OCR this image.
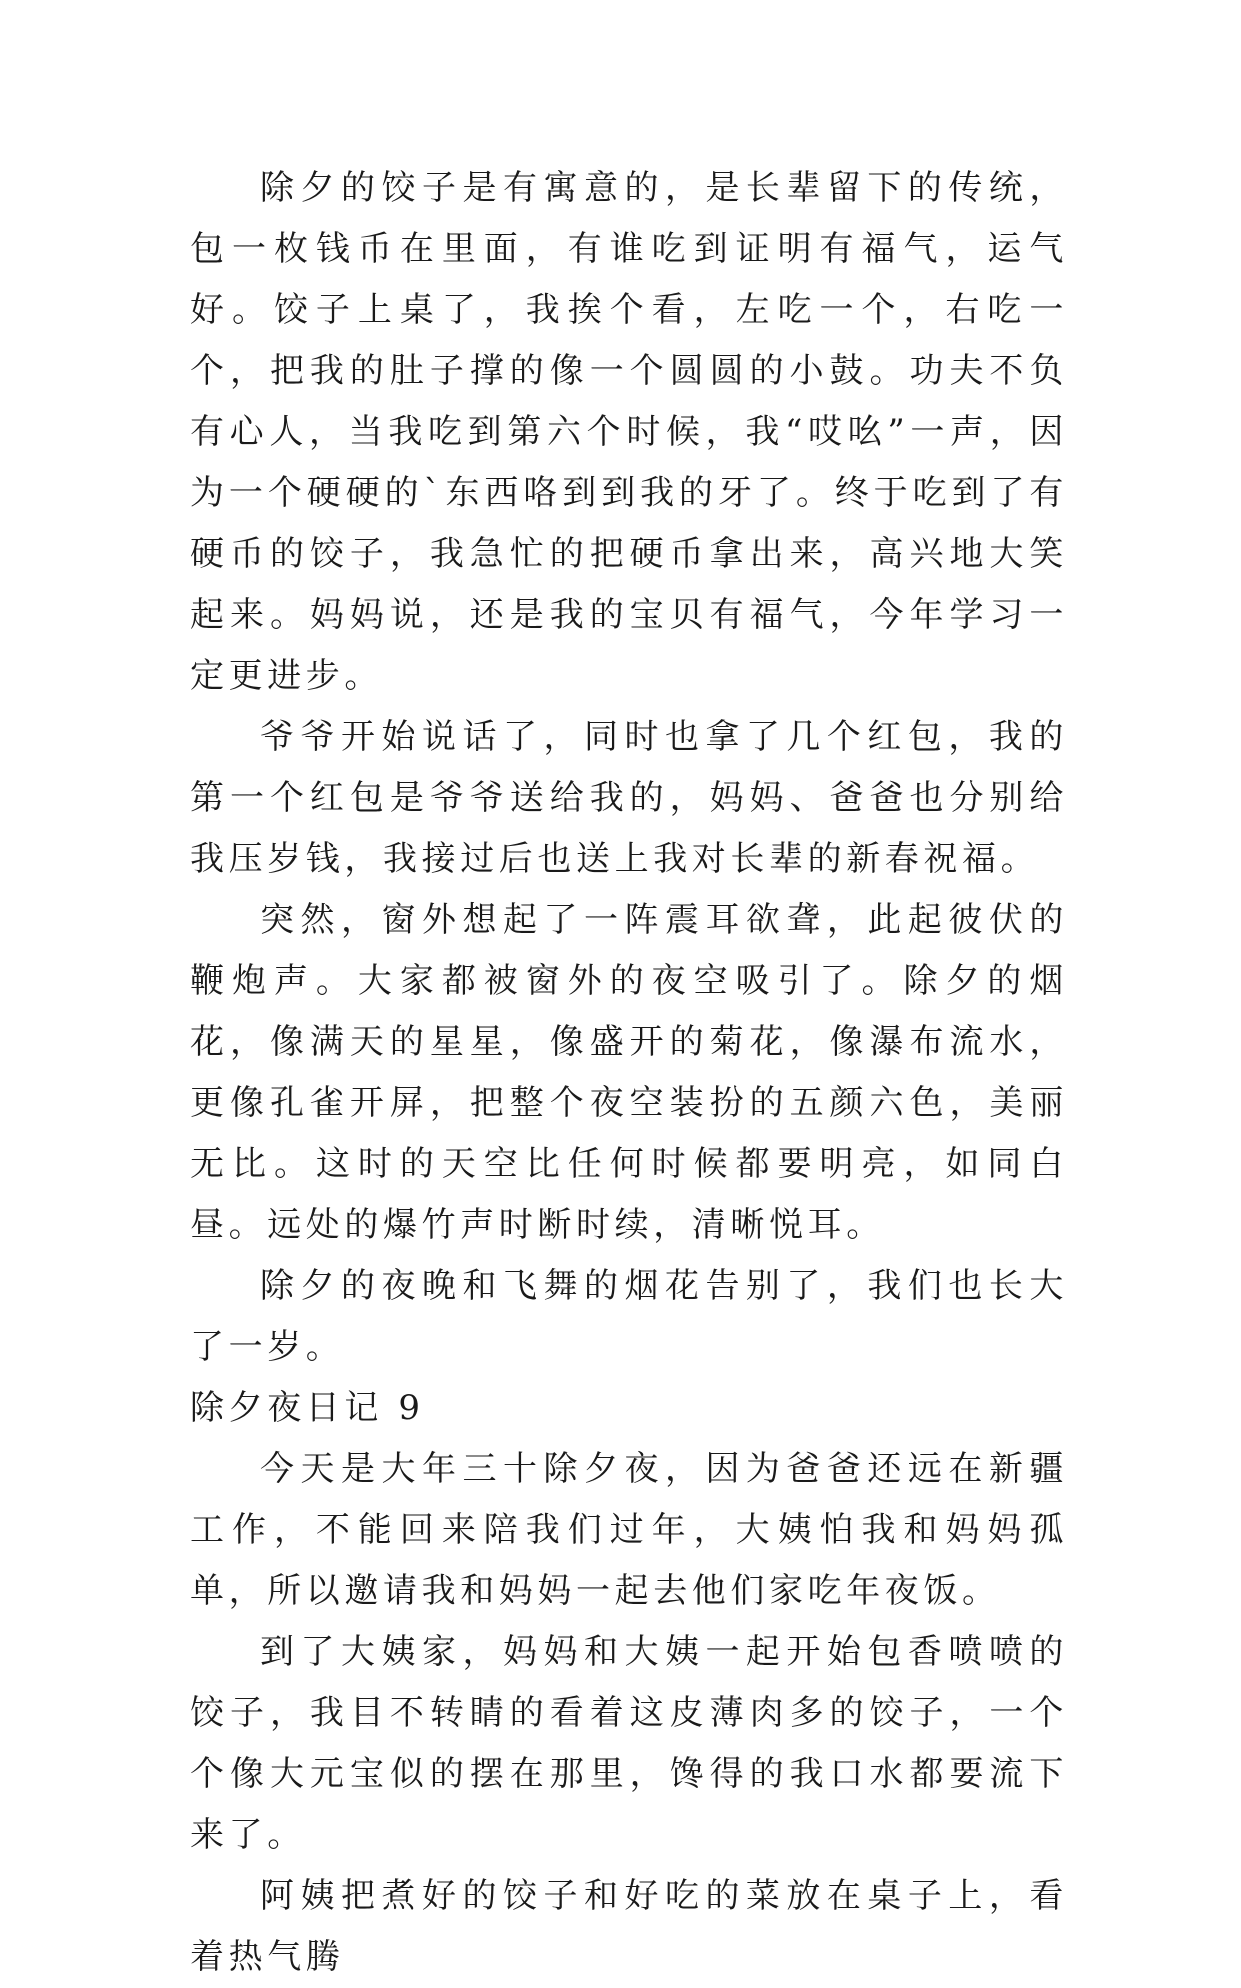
除夕的饺子是有寓意的，是长辈留下的传统，包一枚钱币在里面，有谁吃到证明有福气，运气好。饺子上桌了，我挨个看，左吃一个，右吃一个，把我的肚子撑的像一个圆圆的小鼓。功夫不负有心人，当我吃到第六个时候，我“哎吆”一声，因为一个硬硬的`东西咯到到我的牙了。终于吃到了有硬币的饺子，我急忙的把硬币拿出来，高兴地大笑起来。妈妈说，还是我的宝贝有福气，今年学习一定更进步。

爷爷开始说话了，同时也拿了几个红包，我的第一个红包是爷爷送给我的，妈妈、爸爸也分别给我压岁钱，我接过后也送上我对长辈的新春祝福。

突然，窗外想起了一阵震耳欲聋，此起彼伏的鞭炮声。大家都被窗外的夜空吸引了。除夕的烟花，像满天的星星，像盛开的菊花，像瀑布流水，更像孔雀开屏，把整个夜空装扮的五颜六色，美丽无比。这时的天空比任何时候都要明亮，如同白昼。远处的爆竹声时断时续，清晰悦耳。

除夕的夜晚和飞舞的烟花告别了，我们也长大了一岁。

除夕夜日记 9

今天是大年三十除夕夜，因为爸爸还远在新疆工作，不能回来陪我们过年，大姨怕我和妈妈孤单，所以邀请我和妈妈一起去他们家吃年夜饭。

到了大姨家，妈妈和大姨一起开始包香喷喷的饺子，我目不转睛的看着这皮薄肉多的饺子，一个个像大元宝似的摆在那里，馋得的我口水都要流下来了。

阿姨把煮好的饺子和好吃的菜放在桌子上，看着热气腾
